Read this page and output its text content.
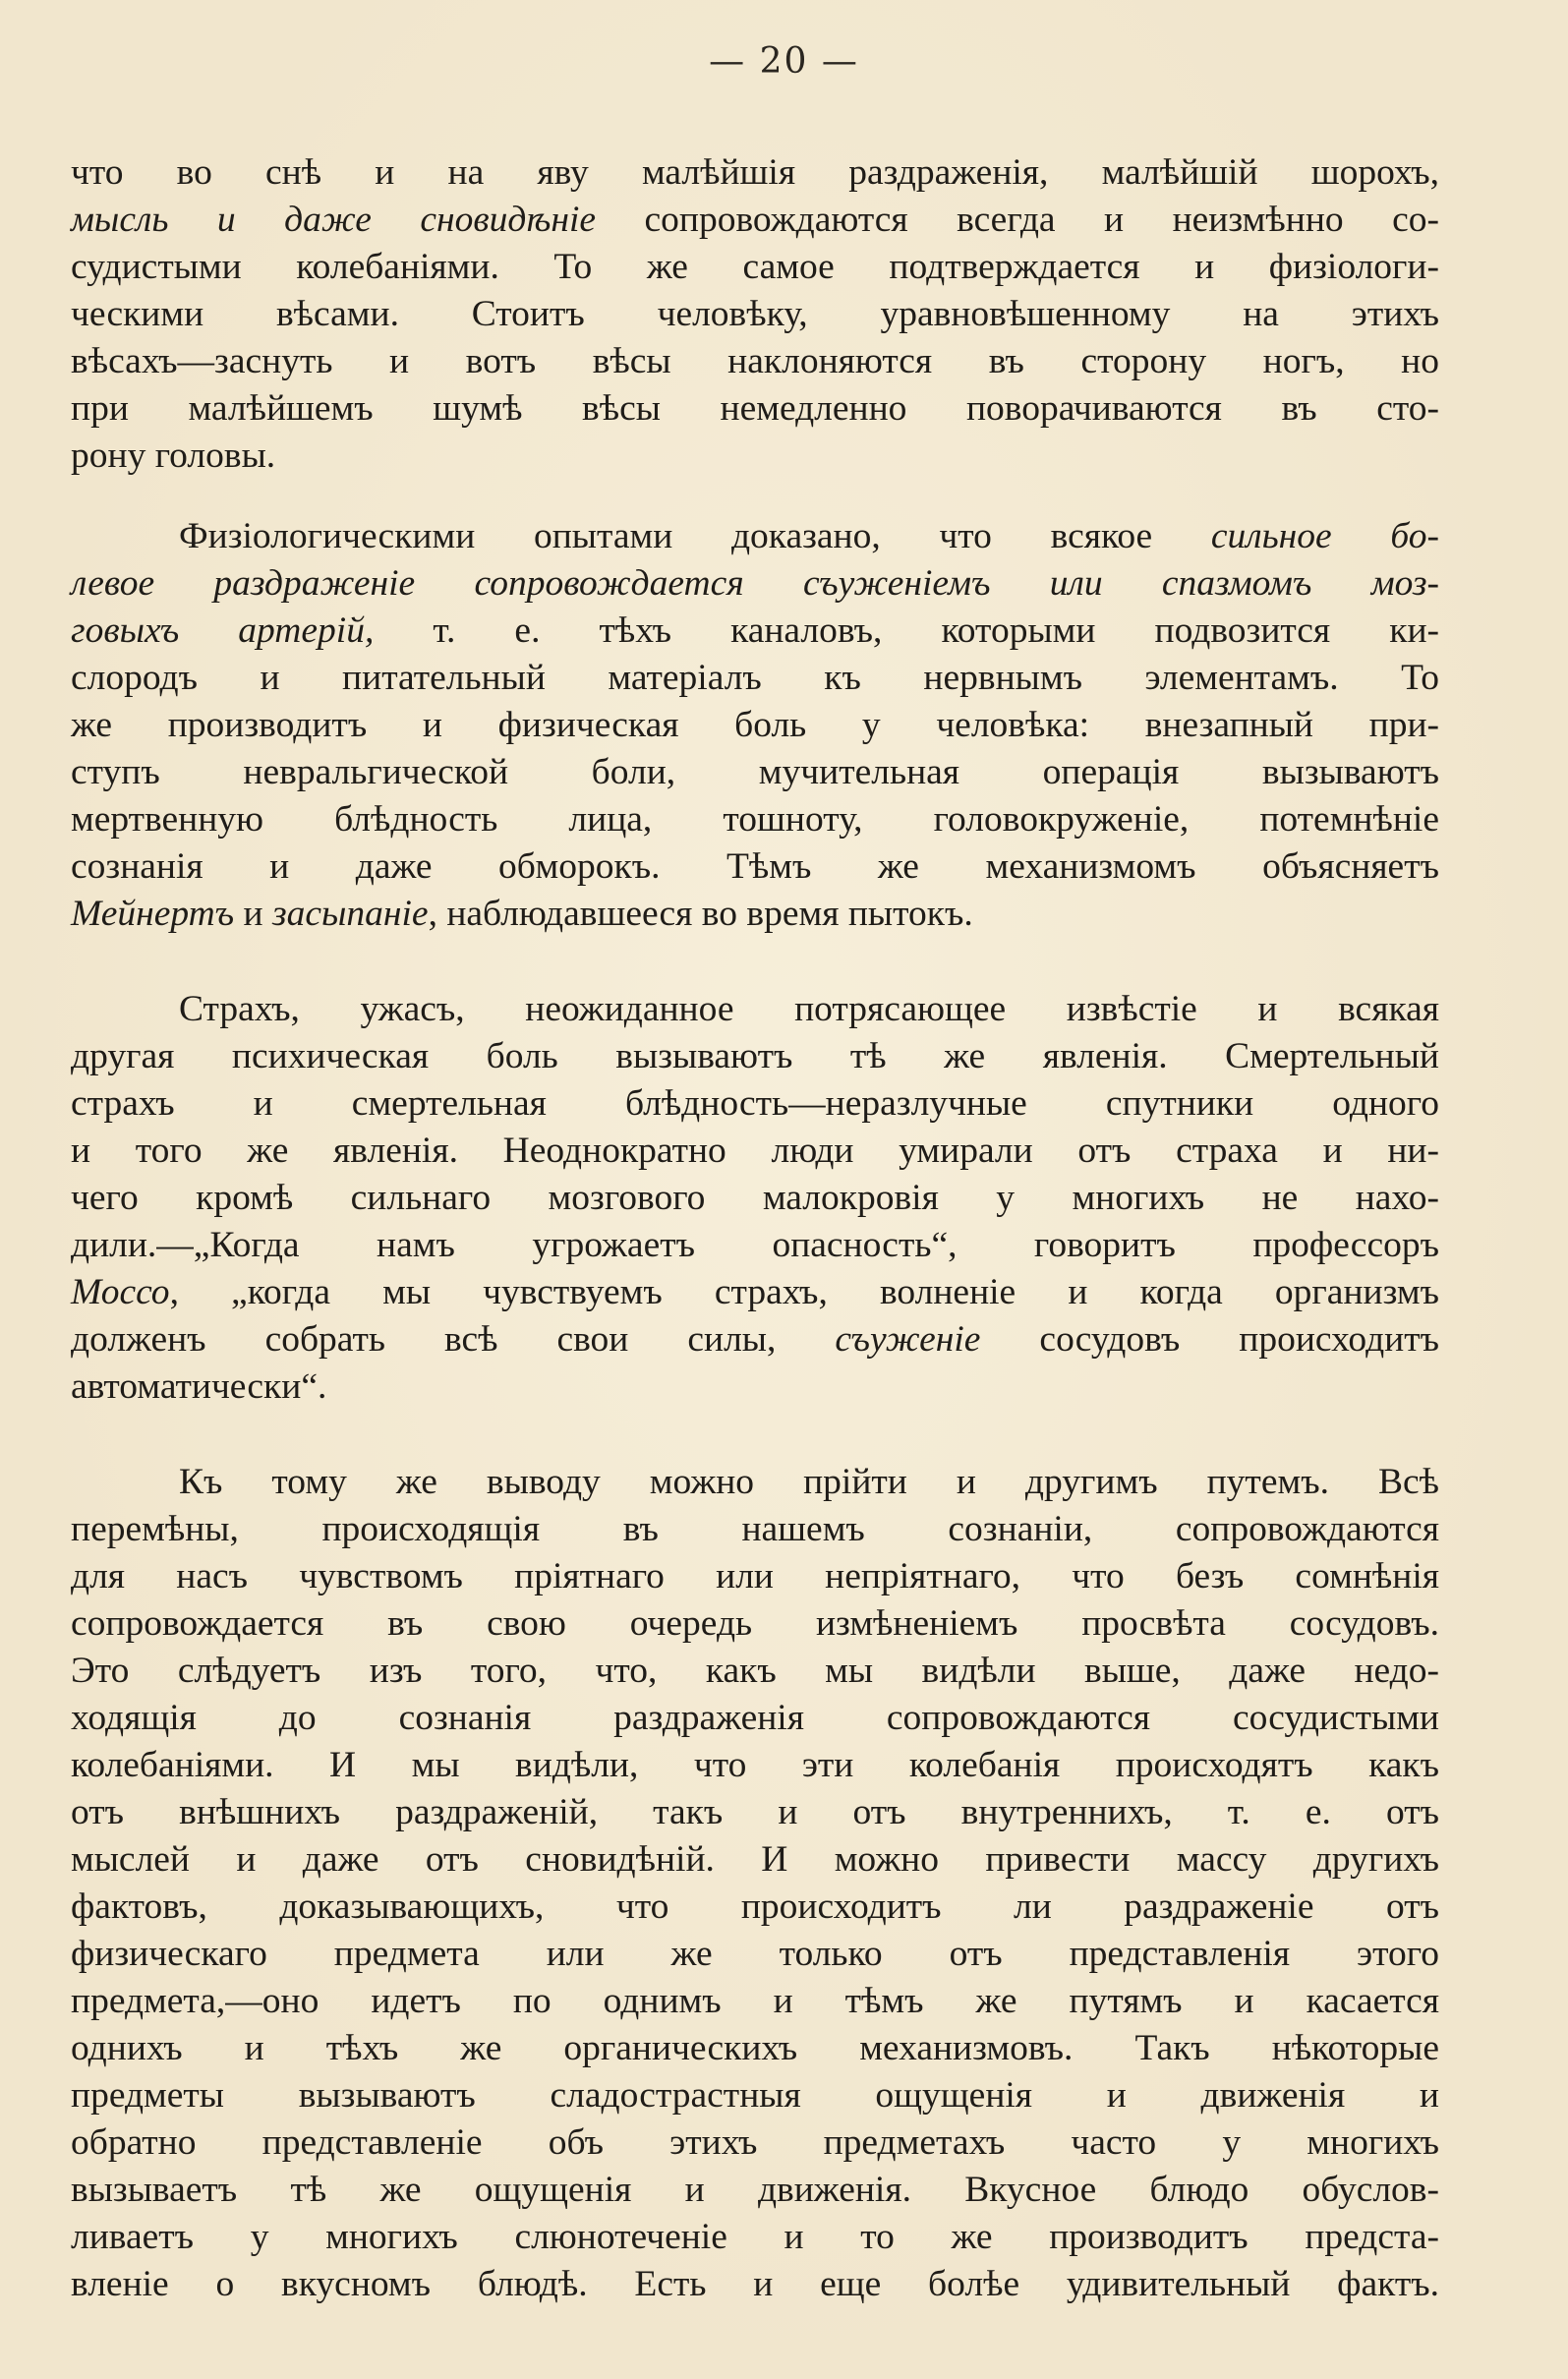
— 20 —
что во снѣ и на яву малѣйшія раздраженія, малѣйшій шорохъ,
мысль и даже сновидѣніе сопровождаются всегда и неизмѣнно со-
судистыми колебаніями. То же самое подтверждается и физіологи-
ческими вѣсами. Стоитъ человѣку, уравновѣшенному на этихъ
вѣсахъ—заснуть и вотъ вѣсы наклоняются въ сторону ногъ, но
при малѣйшемъ шумѣ вѣсы немедленно поворачиваются въ сто-
рону головы.
Физіологическими опытами доказано, что всякое сильное бо-
левое раздраженіе сопровождается съуженіемъ или спазмомъ моз-
говыхъ артерій, т. е. тѣхъ каналовъ, которыми подвозится ки-
слородъ и питательный матеріалъ къ нервнымъ элементамъ. То
же производитъ и физическая боль у человѣка: внезапный при-
ступъ невральгической боли, мучительная операція вызываютъ
мертвенную блѣдность лица, тошноту, головокруженіе, потемнѣніе
сознанія и даже обморокъ. Тѣмъ же механизмомъ объясняетъ
Мейнертъ и засыпаніе, наблюдавшееся во время пытокъ.
Страхъ, ужасъ, неожиданное потрясающее извѣстіе и всякая
другая психическая боль вызываютъ тѣ же явленія. Смертельный
страхъ и смертельная блѣдность—неразлучные спутники одного
и того же явленія. Неоднократно люди умирали отъ страха и ни-
чего кромѣ сильнаго мозгового малокровія у многихъ не нахо-
дили.—„Когда намъ угрожаетъ опасность“, говоритъ профессоръ
Моссо, „когда мы чувствуемъ страхъ, волненіе и когда организмъ
долженъ собрать всѣ свои силы, съуженіе сосудовъ происходитъ
автоматически“.
Къ тому же выводу можно прійти и другимъ путемъ. Всѣ
перемѣны, происходящія въ нашемъ сознаніи, сопровождаются
для насъ чувствомъ пріятнаго или непріятнаго, что безъ сомнѣнія
сопровождается въ свою очередь измѣненіемъ просвѣта сосудовъ.
Это слѣдуетъ изъ того, что, какъ мы видѣли выше, даже недо-
ходящія до сознанія раздраженія сопровождаются сосудистыми
колебаніями. И мы видѣли, что эти колебанія происходятъ какъ
отъ внѣшнихъ раздраженій, такъ и отъ внутреннихъ, т. е. отъ
мыслей и даже отъ сновидѣній. И можно привести массу другихъ
фактовъ, доказывающихъ, что происходитъ ли раздраженіе отъ
физическаго предмета или же только отъ представленія этого
предмета,—оно идетъ по однимъ и тѣмъ же путямъ и касается
однихъ и тѣхъ же органическихъ механизмовъ. Такъ нѣкоторые
предметы вызываютъ сладострастныя ощущенія и движенія и
обратно представленіе объ этихъ предметахъ часто у многихъ
вызываетъ тѣ же ощущенія и движенія. Вкусное блюдо обуслов-
ливаетъ у многихъ слюнотеченіе и то же производитъ предста-
вленіе о вкусномъ блюдѣ. Есть и еще болѣе удивительный фактъ.
